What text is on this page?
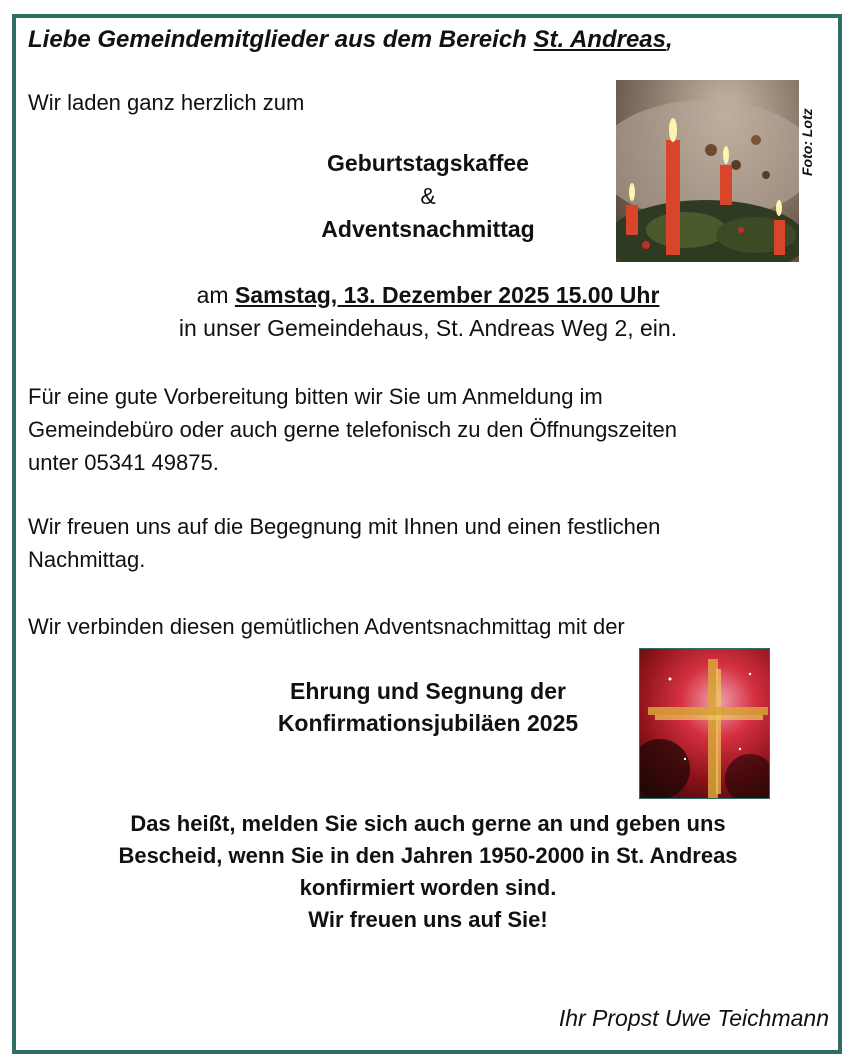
Liebe Gemeindemitglieder aus dem Bereich St. Andreas,
Wir laden ganz herzlich zum
Geburtstagskaffee
&
Adventsnachmittag
Foto: Lotz
am Samstag, 13. Dezember 2025 15.00 Uhr
in unser Gemeindehaus, St. Andreas Weg 2, ein.
Für eine gute Vorbereitung bitten wir Sie um Anmeldung im
Gemeindebüro oder auch gerne telefonisch zu den Öffnungszeiten
unter 05341 49875.
Wir freuen uns auf die Begegnung mit Ihnen und einen festlichen
Nachmittag.
Wir verbinden diesen gemütlichen Adventsnachmittag mit der
Ehrung und Segnung der
Konfirmationsjubiläen 2025
Das heißt, melden Sie sich auch gerne an und geben uns
Bescheid, wenn Sie in den Jahren 1950-2000 in St. Andreas
konfirmiert worden sind.
Wir freuen uns auf Sie!
Ihr Propst Uwe Teichmann
